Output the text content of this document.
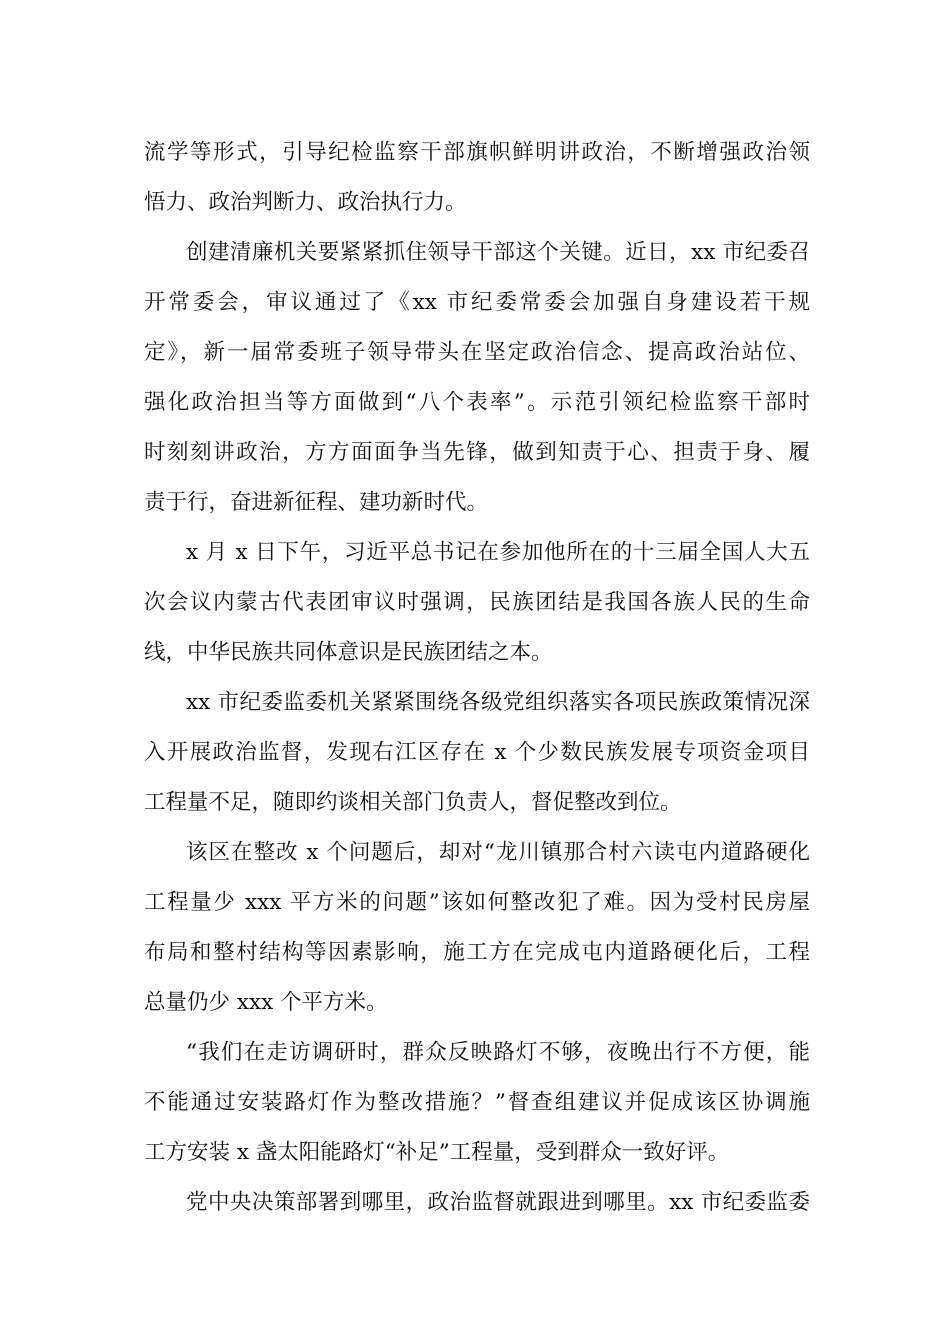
流学等形式，引导纪检监察干部旗帜鲜明讲政治，不断增强政治领
悟力、政治判断力、政治执行力。
创建清廉机关要紧紧抓住领导干部这个关键。近日，xx 市纪委召
开常委会，审议通过了《xx 市纪委常委会加强自身建设若干规
定》，新一届常委班子领导带头在坚定政治信念、提高政治站位、
强化政治担当等方面做到“八个表率”。示范引领纪检监察干部时
时刻刻讲政治，方方面面争当先锋，做到知责于心、担责于身、履
责于行，奋进新征程、建功新时代。
x 月 x 日下午，习近平总书记在参加他所在的十三届全国人大五
次会议内蒙古代表团审议时强调，民族团结是我国各族人民的生命
线，中华民族共同体意识是民族团结之本。
xx 市纪委监委机关紧紧围绕各级党组织落实各项民族政策情况深
入开展政治监督，发现右江区存在 x 个少数民族发展专项资金项目
工程量不足，随即约谈相关部门负责人，督促整改到位。
该区在整改 x 个问题后，却对“龙川镇那合村六读屯内道路硬化
工程量少 xxx 平方米的问题”该如何整改犯了难。因为受村民房屋
布局和整村结构等因素影响，施工方在完成屯内道路硬化后，工程
总量仍少 xxx 个平方米。
“我们在走访调研时，群众反映路灯不够，夜晚出行不方便，能
不能通过安装路灯作为整改措施？”督查组建议并促成该区协调施
工方安装 x 盏太阳能路灯“补足”工程量，受到群众一致好评。
党中央决策部署到哪里，政治监督就跟进到哪里。xx 市纪委监委
